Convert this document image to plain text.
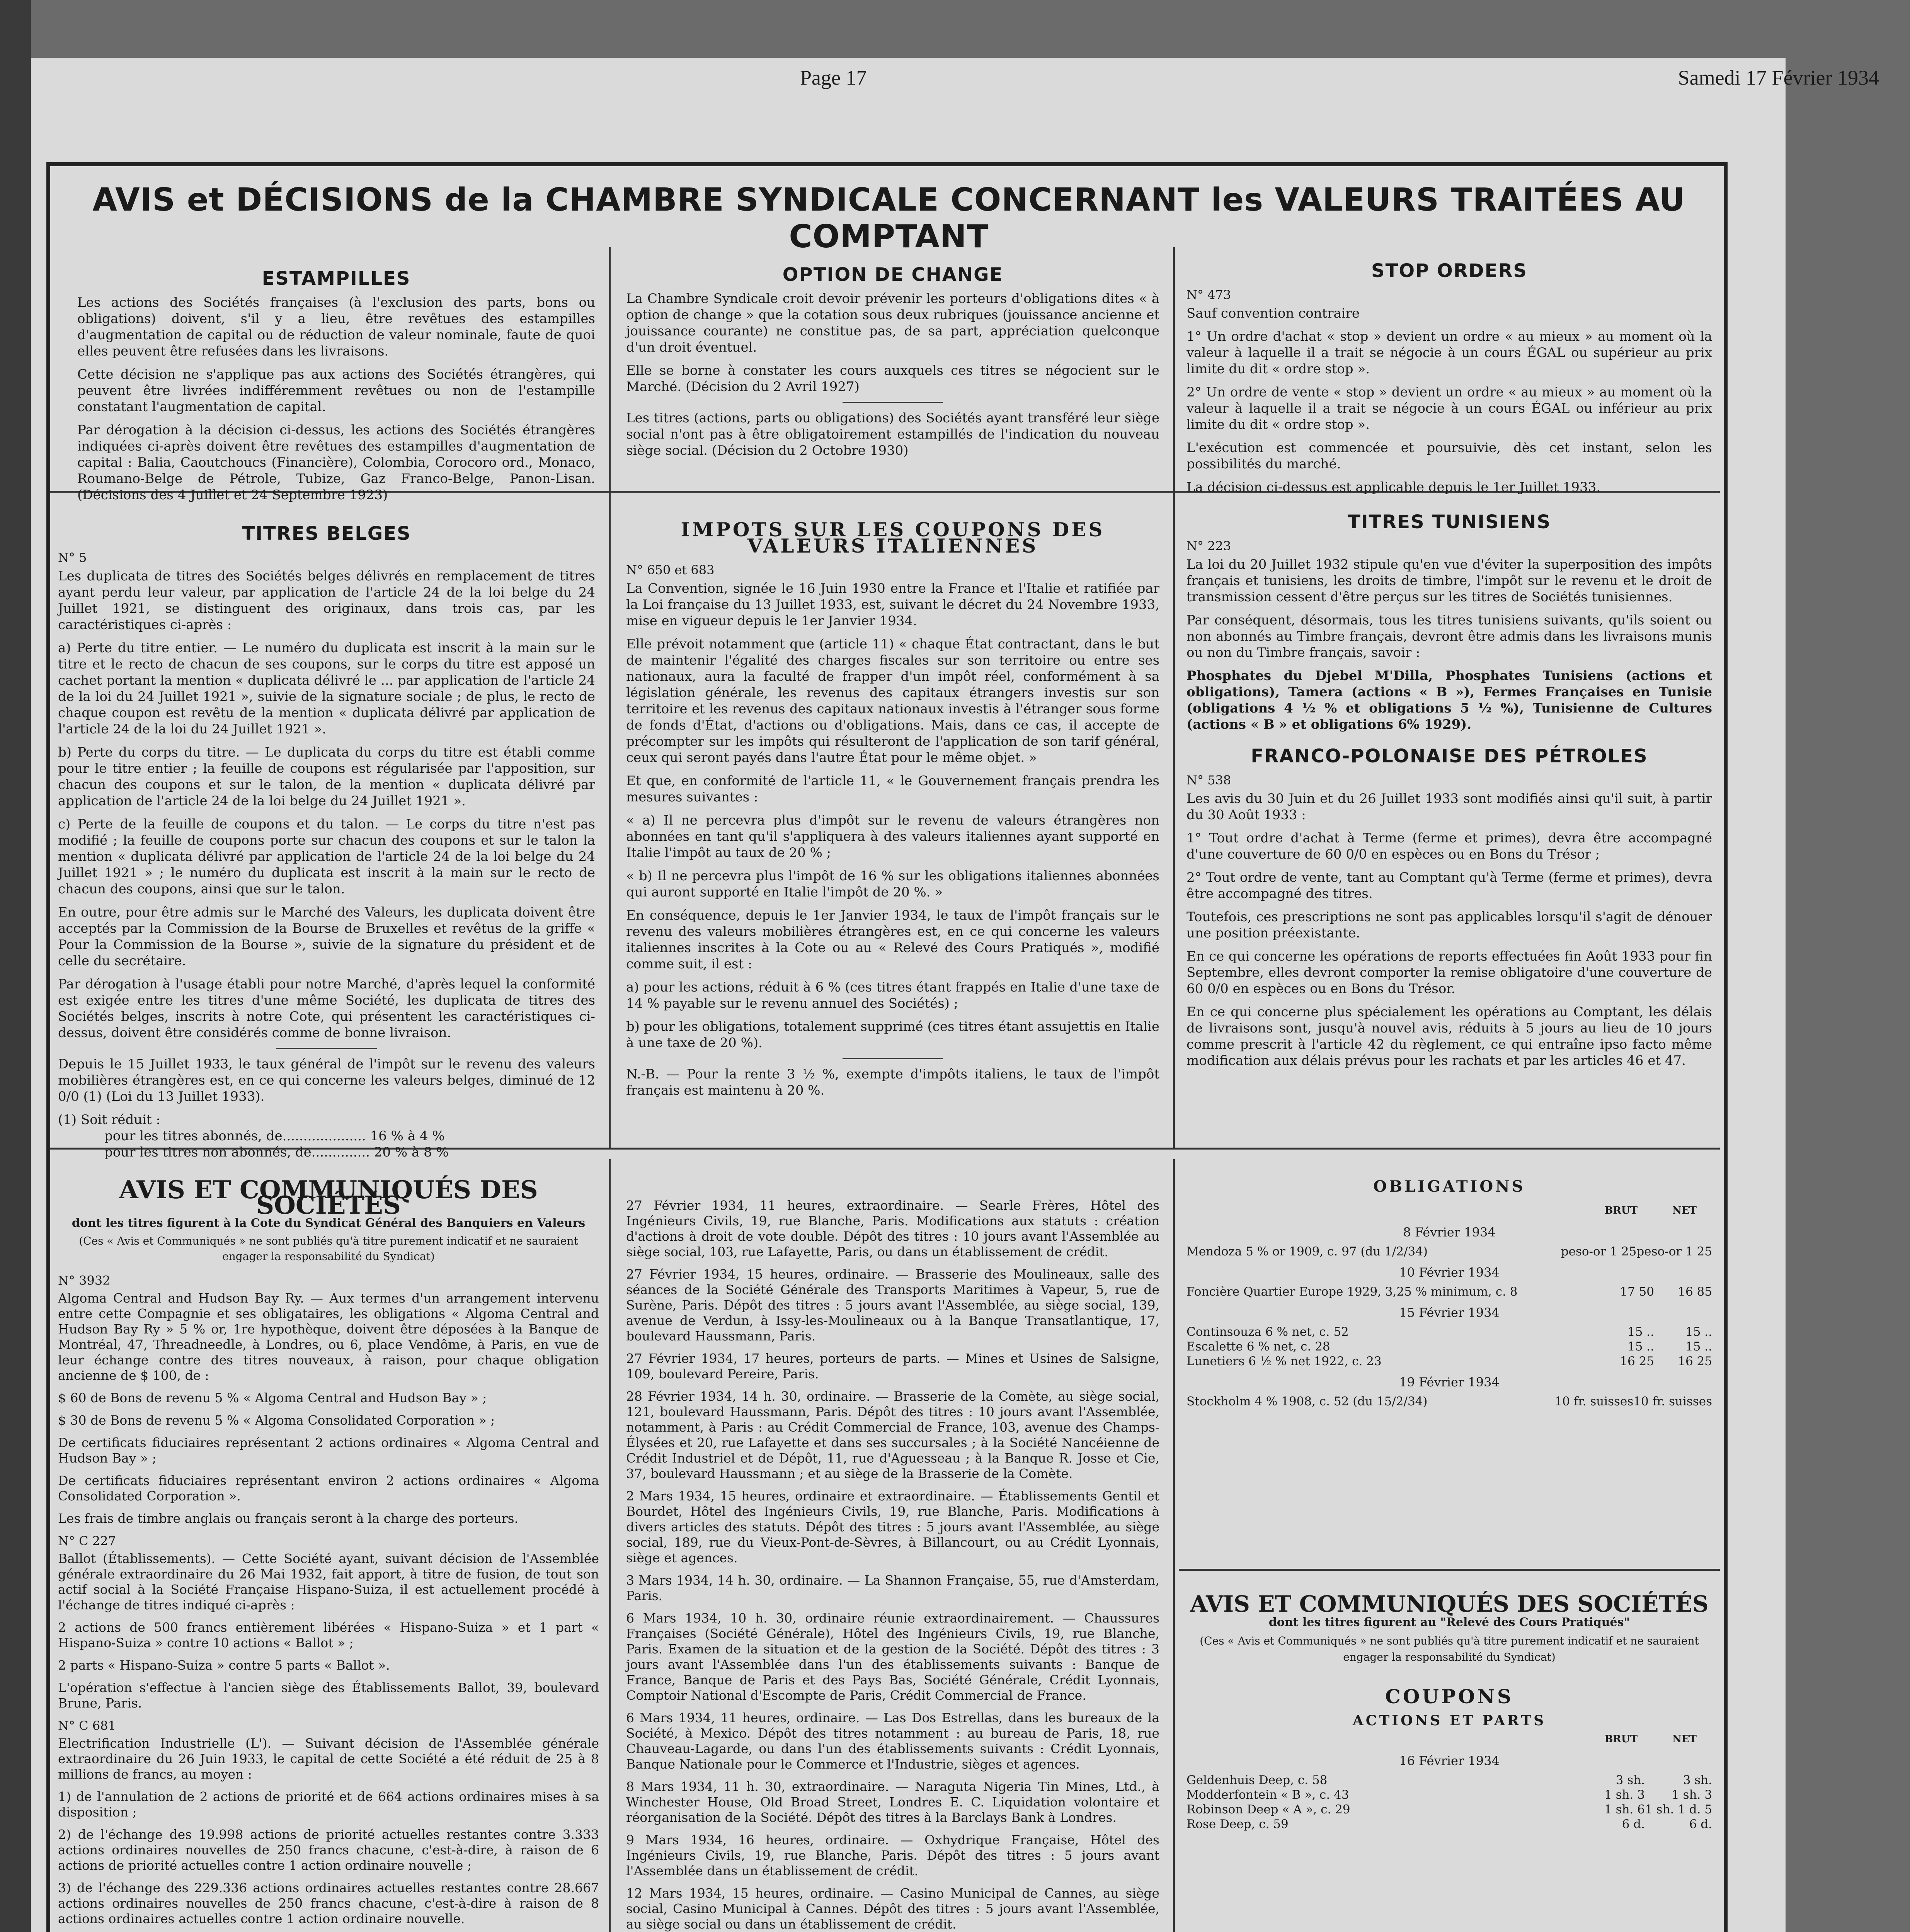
Page 17	Samedi 17 Février 1934
AVIS et DÉCISIONS de la CHAMBRE SYNDICALE CONCERNANT les VALEURS TRAITÉES AU COMPTANT
ESTAMPILLES

Les actions des Sociétés françaises (à l'exclusion des parts, bons ou obligations) doivent, s'il y a lieu, être revêtues des estampilles d'augmentation de capital ou de réduction de valeur nominale, faute de quoi elles peuvent être refusées dans les livraisons.

Cette décision ne s'applique pas aux actions des Sociétés étrangères, qui peuvent être livrées indifféremment revêtues ou non de l'estampille constatant l'augmentation de capital.

Par dérogation à la décision ci-dessus, les actions des Sociétés étrangères indiquées ci-après doivent être revêtues des estampilles d'augmentation de capital : Balia, Caoutchoucs (Financière), Colombia, Corocoro ord., Monaco, Roumano-Belge de Pétrole, Tubize, Gaz Franco-Belge, Panon-Lisan. (Décisions des 4 Juillet et 24 Septembre 1923)

OPTION DE CHANGE

La Chambre Syndicale croit devoir prévenir les porteurs d'obligations dites « à option de change » que la cotation sous deux rubriques (jouissance ancienne et jouissance courante) ne constitue pas, de sa part, appréciation quelconque d'un droit éventuel.

Elle se borne à constater les cours auxquels ces titres se négocient sur le Marché. (Décision du 2 Avril 1927)

Les titres (actions, parts ou obligations) des Sociétés ayant transféré leur siège social n'ont pas à être obligatoirement estampillés de l'indication du nouveau siège social. (Décision du 2 Octobre 1930)

STOP ORDERS
N° 473

Sauf convention contraire

1° Un ordre d'achat « stop » devient un ordre « au mieux » au moment où la valeur à laquelle il a trait se négocie à un cours ÉGAL ou supérieur au prix limite du dit « ordre stop ».

2° Un ordre de vente « stop » devient un ordre « au mieux » au moment où la valeur à laquelle il a trait se négocie à un cours ÉGAL ou inférieur au prix limite du dit « ordre stop ».

L'exécution est commencée et poursuivie, dès cet instant, selon les possibilités du marché.

La décision ci-dessus est applicable depuis le 1er Juillet 1933.

TITRES BELGES
N° 5

Les duplicata de titres des Sociétés belges délivrés en remplacement de titres ayant perdu leur valeur, par application de l'article 24 de la loi belge du 24 Juillet 1921, se distinguent des originaux, dans trois cas, par les caractéristiques ci-après :

a) Perte du titre entier. — Le numéro du duplicata est inscrit à la main sur le titre et le recto de chacun de ses coupons, sur le corps du titre est apposé un cachet portant la mention « duplicata délivré le ... par application de l'article 24 de la loi du 24 Juillet 1921 », suivie de la signature sociale ; de plus, le recto de chaque coupon est revêtu de la mention « duplicata délivré par application de l'article 24 de la loi du 24 Juillet 1921 ».

b) Perte du corps du titre. — Le duplicata du corps du titre est établi comme pour le titre entier ; la feuille de coupons est régularisée par l'apposition, sur chacun des coupons et sur le talon, de la mention « duplicata délivré par application de l'article 24 de la loi belge du 24 Juillet 1921 ».

c) Perte de la feuille de coupons et du talon. — Le corps du titre n'est pas modifié ; la feuille de coupons porte sur chacun des coupons et sur le talon la mention « duplicata délivré par application de l'article 24 de la loi belge du 24 Juillet 1921 » ; le numéro du duplicata est inscrit à la main sur le recto de chacun des coupons, ainsi que sur le talon.

En outre, pour être admis sur le Marché des Valeurs, les duplicata doivent être acceptés par la Commission de la Bourse de Bruxelles et revêtus de la griffe « Pour la Commission de la Bourse », suivie de la signature du président et de celle du secrétaire.

Par dérogation à l'usage établi pour notre Marché, d'après lequel la conformité est exigée entre les titres d'une même Société, les duplicata de titres des Sociétés belges, inscrits à notre Cote, qui présentent les caractéristiques ci-dessus, doivent être considérés comme de bonne livraison.

Depuis le 15 Juillet 1933, le taux général de l'impôt sur le revenu des valeurs mobilières étrangères est, en ce qui concerne les valeurs belges, diminué de 12 0/0 (1) (Loi du 13 Juillet 1933).

(1) Soit réduit :
pour les titres abonnés, de.................... 16 % à 4 %
pour les titres non abonnés, de.............. 20 % à 8 %
IMPOTS SUR LES COUPONS DES VALEURS ITALIENNES
N° 650 et 683

La Convention, signée le 16 Juin 1930 entre la France et l'Italie et ratifiée par la Loi française du 13 Juillet 1933, est, suivant le décret du 24 Novembre 1933, mise en vigueur depuis le 1er Janvier 1934.

Elle prévoit notamment que (article 11) « chaque État contractant, dans le but de maintenir l'égalité des charges fiscales sur son territoire ou entre ses nationaux, aura la faculté de frapper d'un impôt réel, conformément à sa législation générale, les revenus des capitaux étrangers investis sur son territoire et les revenus des capitaux nationaux investis à l'étranger sous forme de fonds d'État, d'actions ou d'obligations. Mais, dans ce cas, il accepte de précompter sur les impôts qui résulteront de l'application de son tarif général, ceux qui seront payés dans l'autre État pour le même objet. »

Et que, en conformité de l'article 11, « le Gouvernement français prendra les mesures suivantes :

« a) Il ne percevra plus d'impôt sur le revenu de valeurs étrangères non abonnées en tant qu'il s'appliquera à des valeurs italiennes ayant supporté en Italie l'impôt au taux de 20 % ;

« b) Il ne percevra plus l'impôt de 16 % sur les obligations italiennes abonnées qui auront supporté en Italie l'impôt de 20 %. »

En conséquence, depuis le 1er Janvier 1934, le taux de l'impôt français sur le revenu des valeurs mobilières étrangères est, en ce qui concerne les valeurs italiennes inscrites à la Cote ou au « Relevé des Cours Pratiqués », modifié comme suit, il est :

a) pour les actions, réduit à 6 % (ces titres étant frappés en Italie d'une taxe de 14 % payable sur le revenu annuel des Sociétés) ;

b) pour les obligations, totalement supprimé (ces titres étant assujettis en Italie à une taxe de 20 %).

N.-B. — Pour la rente 3 ½ %, exempte d'impôts italiens, le taux de l'impôt français est maintenu à 20 %.

TITRES TUNISIENS
N° 223

La loi du 20 Juillet 1932 stipule qu'en vue d'éviter la superposition des impôts français et tunisiens, les droits de timbre, l'impôt sur le revenu et le droit de transmission cessent d'être perçus sur les titres de Sociétés tunisiennes.

Par conséquent, désormais, tous les titres tunisiens suivants, qu'ils soient ou non abonnés au Timbre français, devront être admis dans les livraisons munis ou non du Timbre français, savoir :

Phosphates du Djebel M'Dilla, Phosphates Tunisiens (actions et obligations), Tamera (actions « B »), Fermes Françaises en Tunisie (obligations 4 ½ % et obligations 5 ½ %), Tunisienne de Cultures (actions « B » et obligations 6% 1929).

FRANCO-POLONAISE DES PÉTROLES
N° 538

Les avis du 30 Juin et du 26 Juillet 1933 sont modifiés ainsi qu'il suit, à partir du 30 Août 1933 :

1° Tout ordre d'achat à Terme (ferme et primes), devra être accompagné d'une couverture de 60 0/0 en espèces ou en Bons du Trésor ;

2° Tout ordre de vente, tant au Comptant qu'à Terme (ferme et primes), devra être accompagné des titres.

Toutefois, ces prescriptions ne sont pas applicables lorsqu'il s'agit de dénouer une position préexistante.

En ce qui concerne les opérations de reports effectuées fin Août 1933 pour fin Septembre, elles devront comporter la remise obligatoire d'une couverture de 60 0/0 en espèces ou en Bons du Trésor.

En ce qui concerne plus spécialement les opérations au Comptant, les délais de livraisons sont, jusqu'à nouvel avis, réduits à 5 jours au lieu de 10 jours comme prescrit à l'article 42 du règlement, ce qui entraîne ipso facto même modification aux délais prévus pour les rachats et par les articles 46 et 47.

AVIS ET COMMUNIQUÉS DES SOCIÉTÉS
dont les titres figurent à la Cote du Syndicat Général des Banquiers en Valeurs
(Ces « Avis et Communiqués » ne sont publiés qu'à titre purement indicatif et ne sauraient engager la responsabilité du Syndicat)
N° 3932

Algoma Central and Hudson Bay Ry. — Aux termes d'un arrangement intervenu entre cette Compagnie et ses obligataires, les obligations « Algoma Central and Hudson Bay Ry » 5 % or, 1re hypothèque, doivent être déposées à la Banque de Montréal, 47, Threadneedle, à Londres, ou 6, place Vendôme, à Paris, en vue de leur échange contre des titres nouveaux, à raison, pour chaque obligation ancienne de $ 100, de :

$ 60 de Bons de revenu 5 % « Algoma Central and Hudson Bay » ;

$ 30 de Bons de revenu 5 % « Algoma Consolidated Corporation » ;

De certificats fiduciaires représentant 2 actions ordinaires « Algoma Central and Hudson Bay » ;

De certificats fiduciaires représentant environ 2 actions ordinaires « Algoma Consolidated Corporation ».

Les frais de timbre anglais ou français seront à la charge des porteurs.

N° C 227

Ballot (Établissements). — Cette Société ayant, suivant décision de l'Assemblée générale extraordinaire du 26 Mai 1932, fait apport, à titre de fusion, de tout son actif social à la Société Française Hispano-Suiza, il est actuellement procédé à l'échange de titres indiqué ci-après :

2 actions de 500 francs entièrement libérées « Hispano-Suiza » et 1 part « Hispano-Suiza » contre 10 actions « Ballot » ;

2 parts « Hispano-Suiza » contre 5 parts « Ballot ».

L'opération s'effectue à l'ancien siège des Établissements Ballot, 39, boulevard Brune, Paris.

N° C 681

Electrification Industrielle (L'). — Suivant décision de l'Assemblée générale extraordinaire du 26 Juin 1933, le capital de cette Société a été réduit de 25 à 8 millions de francs, au moyen :

1) de l'annulation de 2 actions de priorité et de 664 actions ordinaires mises à sa disposition ;

2) de l'échange des 19.998 actions de priorité actuelles restantes contre 3.333 actions ordinaires nouvelles de 250 francs chacune, c'est-à-dire, à raison de 6 actions de priorité actuelles contre 1 action ordinaire nouvelle ;

3) de l'échange des 229.336 actions ordinaires actuelles restantes contre 28.667 actions ordinaires nouvelles de 250 francs chacune, c'est-à-dire à raison de 8 actions ordinaires actuelles contre 1 action ordinaire nouvelle.

27 Février 1934, 11 heures, extraordinaire. — Searle Frères, Hôtel des Ingénieurs Civils, 19, rue Blanche, Paris. Modifications aux statuts : création d'actions à droit de vote double. Dépôt des titres : 10 jours avant l'Assemblée au siège social, 103, rue Lafayette, Paris, ou dans un établissement de crédit.

27 Février 1934, 15 heures, ordinaire. — Brasserie des Moulineaux, salle des séances de la Société Générale des Transports Maritimes à Vapeur, 5, rue de Surène, Paris. Dépôt des titres : 5 jours avant l'Assemblée, au siège social, 139, avenue de Verdun, à Issy-les-Moulineaux ou à la Banque Transatlantique, 17, boulevard Haussmann, Paris.

27 Février 1934, 17 heures, porteurs de parts. — Mines et Usines de Salsigne, 109, boulevard Pereire, Paris.

28 Février 1934, 14 h. 30, ordinaire. — Brasserie de la Comète, au siège social, 121, boulevard Haussmann, Paris. Dépôt des titres : 10 jours avant l'Assemblée, notamment, à Paris : au Crédit Commercial de France, 103, avenue des Champs-Élysées et 20, rue Lafayette et dans ses succursales ; à la Société Nancéienne de Crédit Industriel et de Dépôt, 11, rue d'Aguesseau ; à la Banque R. Josse et Cie, 37, boulevard Haussmann ; et au siège de la Brasserie de la Comète.

2 Mars 1934, 15 heures, ordinaire et extraordinaire. — Établissements Gentil et Bourdet, Hôtel des Ingénieurs Civils, 19, rue Blanche, Paris. Modifications à divers articles des statuts. Dépôt des titres : 5 jours avant l'Assemblée, au siège social, 189, rue du Vieux-Pont-de-Sèvres, à Billancourt, ou au Crédit Lyonnais, siège et agences.

3 Mars 1934, 14 h. 30, ordinaire. — La Shannon Française, 55, rue d'Amsterdam, Paris.

6 Mars 1934, 10 h. 30, ordinaire réunie extraordinairement. — Chaussures Françaises (Société Générale), Hôtel des Ingénieurs Civils, 19, rue Blanche, Paris. Examen de la situation et de la gestion de la Société. Dépôt des titres : 3 jours avant l'Assemblée dans l'un des établissements suivants : Banque de France, Banque de Paris et des Pays Bas, Société Générale, Crédit Lyonnais, Comptoir National d'Escompte de Paris, Crédit Commercial de France.

6 Mars 1934, 11 heures, ordinaire. — Las Dos Estrellas, dans les bureaux de la Société, à Mexico. Dépôt des titres notamment : au bureau de Paris, 18, rue Chauveau-Lagarde, ou dans l'un des établissements suivants : Crédit Lyonnais, Banque Nationale pour le Commerce et l'Industrie, sièges et agences.

8 Mars 1934, 11 h. 30, extraordinaire. — Naraguta Nigeria Tin Mines, Ltd., à Winchester House, Old Broad Street, Londres E. C. Liquidation volontaire et réorganisation de la Société. Dépôt des titres à la Barclays Bank à Londres.

9 Mars 1934, 16 heures, ordinaire. — Oxhydrique Française, Hôtel des Ingénieurs Civils, 19, rue Blanche, Paris. Dépôt des titres : 5 jours avant l'Assemblée dans un établissement de crédit.

12 Mars 1934, 15 heures, ordinaire. — Casino Municipal de Cannes, au siège social, Casino Municipal à Cannes. Dépôt des titres : 5 jours avant l'Assemblée, au siège social ou dans un établissement de crédit.

OBLIGATIONS
BRUT	NET
8 Février 1934
Mendoza 5 % or 1909, c. 97 (du 1/2/34)	peso-or 1 25	peso-or 1 25
10 Février 1934
Foncière Quartier Europe 1929, 3,25 % minimum, c. 8	17 50	16 85
15 Février 1934
Continsouza 6 % net, c. 52	15 ..	15 ..
Escalette 6 % net, c. 28	15 ..	15 ..
Lunetiers 6 ½ % net 1922, c. 23	16 25	16 25
19 Février 1934
Stockholm 4 % 1908, c. 52 (du 15/2/34)	10 fr. suisses	10 fr. suisses
AVIS ET COMMUNIQUÉS DES SOCIÉTÉS
dont les titres figurent au "Relevé des Cours Pratiqués"
(Ces « Avis et Communiqués » ne sont publiés qu'à titre purement indicatif et ne sauraient engager la responsabilité du Syndicat)
COUPONS
ACTIONS ET PARTS
BRUT	NET
16 Février 1934
Geldenhuis Deep, c. 58	3 sh.	3 sh.
Modderfontein « B », c. 43	1 sh. 3	1 sh. 3
Robinson Deep « A », c. 29	1 sh. 6	1 sh. 1 d. 5
Rose Deep, c. 59	6 d.	6 d.
